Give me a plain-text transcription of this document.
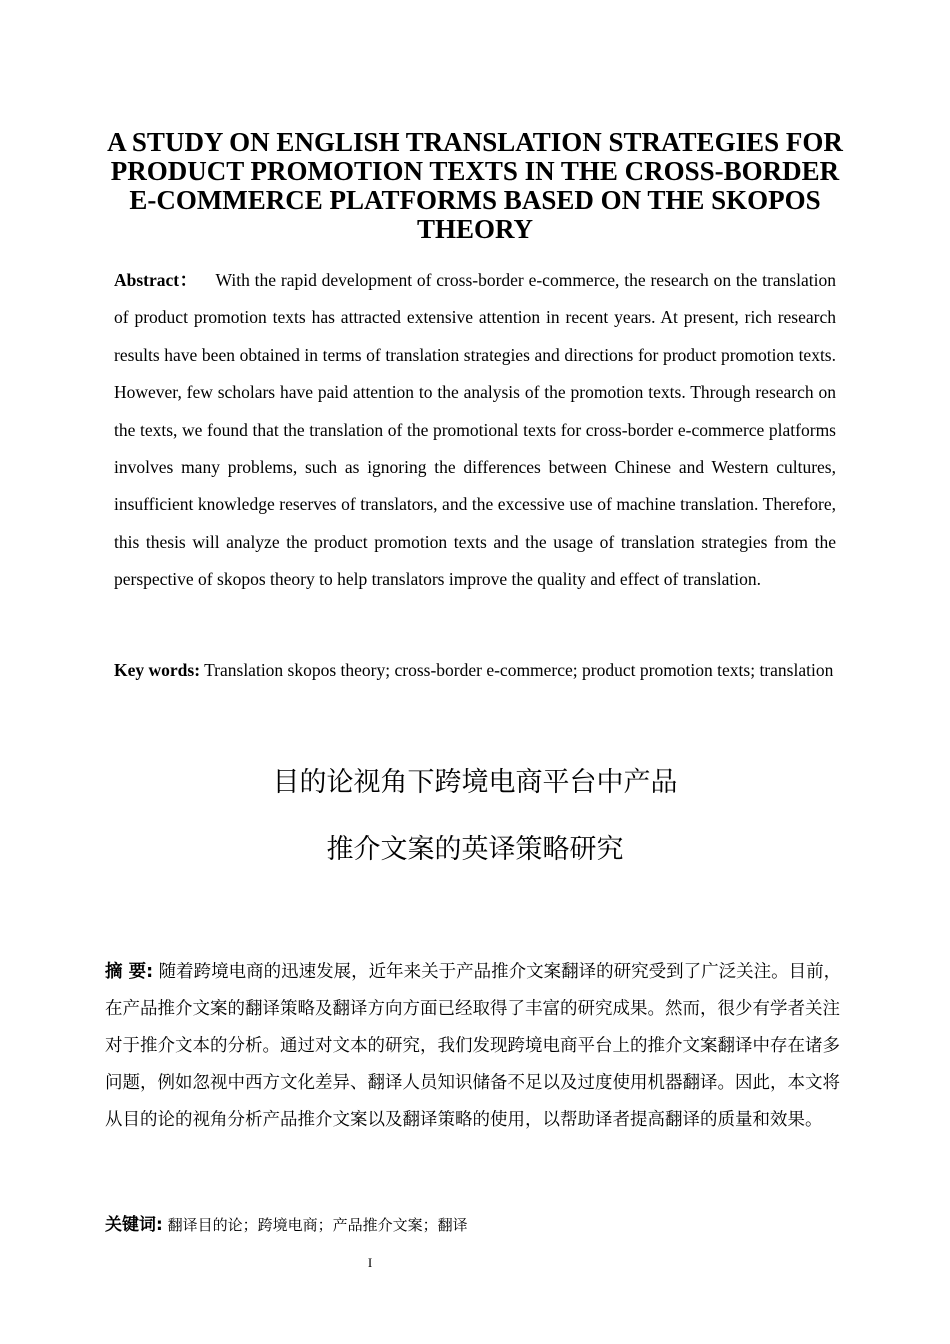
A STUDY ON ENGLISH TRANSLATION STRATEGIES FOR PRODUCT PROMOTION TEXTS IN THE CROSS-BORDER E-COMMERCE PLATFORMS BASED ON THE SKOPOS THEORY

Abstract： With the rapid development of cross-border e-commerce, the research on the translation of product promotion texts has attracted extensive attention in recent years. At present, rich research results have been obtained in terms of translation strategies and directions for product promotion texts. However, few scholars have paid attention to the analysis of the promotion texts. Through research on the texts, we found that the translation of the promotional texts for cross-border e-commerce platforms involves many problems, such as ignoring the differences between Chinese and Western cultures, insufficient knowledge reserves of translators, and the excessive use of machine translation. Therefore, this thesis will analyze the product promotion texts and the usage of translation strategies from the perspective of skopos theory to help translators improve the quality and effect of translation.

Key words: Translation skopos theory; cross-border e-commerce; product promotion texts; translation

目的论视角下跨境电商平台中产品
推介文案的英译策略研究

摘 要: 随着跨境电商的迅速发展，近年来关于产品推介文案翻译的研究受到了广泛关注。目前，在产品推介文案的翻译策略及翻译方向方面已经取得了丰富的研究成果。然而，很少有学者关注对于推介文本的分析。通过对文本的研究，我们发现跨境电商平台上的推介文案翻译中存在诸多问题，例如忽视中西方文化差异、翻译人员知识储备不足以及过度使用机器翻译。因此，本文将从目的论的视角分析产品推介文案以及翻译策略的使用，以帮助译者提高翻译的质量和效果。

关键词: 翻译目的论；跨境电商；产品推介文案；翻译

I
